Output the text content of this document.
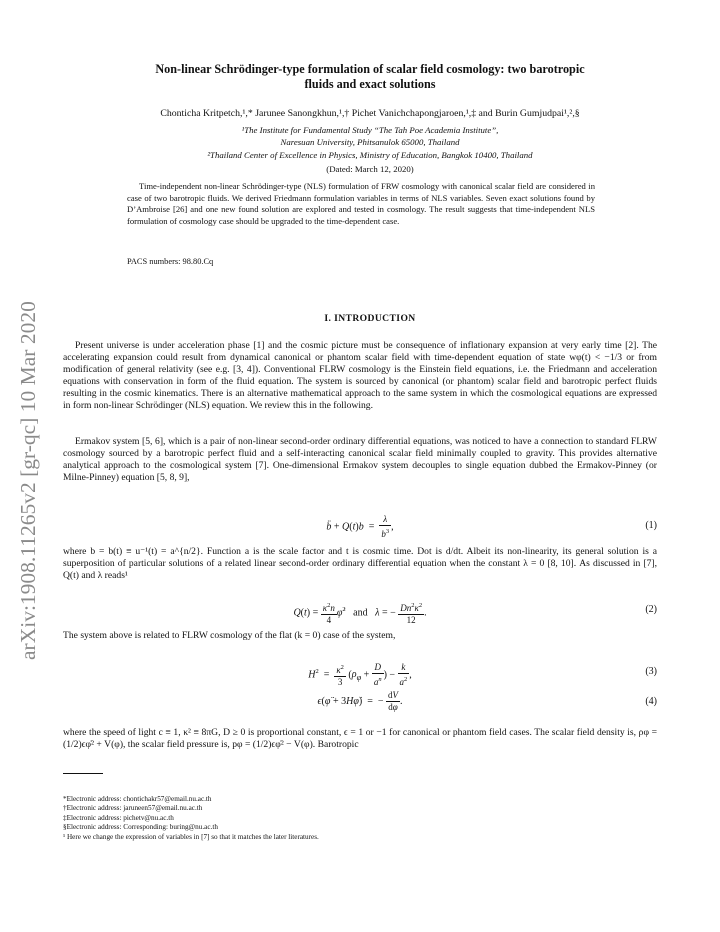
arXiv:1908.11265v2 [gr-qc] 10 Mar 2020
Non-linear Schrödinger-type formulation of scalar field cosmology: two barotropic
fluids and exact solutions
Chonticha Kritpetch,¹,* Jarunee Sanongkhun,¹,† Pichet Vanichchapongjaroen,¹,‡ and Burin Gumjudpai¹,²,§
¹The Institute for Fundamental Study “The Tah Poe Academia Institute”,
Naresuan University, Phitsanulok 65000, Thailand
²Thailand Center of Excellence in Physics, Ministry of Education, Bangkok 10400, Thailand
(Dated: March 12, 2020)
Time-independent non-linear Schrödinger-type (NLS) formulation of FRW cosmology with canonical scalar field are considered in case of two barotropic fluids. We derived Friedmann formulation variables in terms of NLS variables. Seven exact solutions found by D’Ambroise [26] and one new found solution are explored and tested in cosmology. The result suggests that time-independent NLS formulation of cosmology case should be upgraded to the time-dependent case.
PACS numbers: 98.80.Cq
I. INTRODUCTION
Present universe is under acceleration phase [1] and the cosmic picture must be consequence of inflationary expansion at very early time [2]. The accelerating expansion could result from dynamical canonical or phantom scalar field with time-dependent equation of state wφ(t) < −1/3 or from modification of general relativity (see e.g. [3, 4]). Conventional FLRW cosmology is the Einstein field equations, i.e. the Friedmann and acceleration equations with conservation in form of the fluid equation. The system is sourced by canonical (or phantom) scalar field and barotropic perfect fluids resulting in the cosmic kinematics. There is an alternative mathematical approach to the same system in which the cosmological equations are expressed in form non-linear Schrödinger (NLS) equation. We review this in the following.
Ermakov system [5, 6], which is a pair of non-linear second-order ordinary differential equations, was noticed to have a connection to standard FLRW cosmology sourced by a barotropic perfect fluid and a self-interacting canonical scalar field minimally coupled to gravity. This provides alternative analytical approach to the cosmological system [7]. One-dimensional Ermakov system decouples to single equation dubbed the Ermakov-Pinney (or Milne-Pinney) equation [5, 8, 9],
b̈ + $Q(t)b = \frac{\lambda}{b^3}$ ,	(1)
where b = b(t) ≡ u⁻¹(t) = a^{n/2}. Function a is the scale factor and t is cosmic time. Dot is d/dt. Albeit its non-linearity, its general solution is a superposition of particular solutions of a related linear second-order ordinary differential equation when the constant λ = 0 [8, 10]. As discussed in [7], Q(t) and λ reads¹
$Q(t) = \frac{\kappa^2n}{4}$ φ̇$^2$   and   λ = − $\frac{Dn^2\kappa^2}{12}$ .	(2)
The system above is related to FLRW cosmology of the flat (k = 0) case of the system,
$H^2 = \frac{\kappa^2}{3} (\rho_\varphi + \frac{D}{a^n}$ ) − $\frac{k}{a^2}$ ,	(3)
ϵ(φ̈ + 3Hφ̇)  =  − $\frac{dV}{d\varphi}$ .	(4)
where the speed of light c ≡ 1, κ² ≡ 8πG, D ≥ 0 is proportional constant, ϵ = 1 or −1 for canonical or phantom field cases. The scalar field density is, ρφ = (1/2)ϵφ̇² + V(φ), the scalar field pressure is, pφ = (1/2)ϵφ̇² − V(φ). Barotropic
*Electronic address: chontichakr57@email.nu.ac.th
†Electronic address: jaruneen57@email.nu.ac.th
‡Electronic address: pichetv@nu.ac.th
§Electronic address: Corresponding: buring@nu.ac.th
¹ Here we change the expression of variables in [7] so that it matches the later literatures.
